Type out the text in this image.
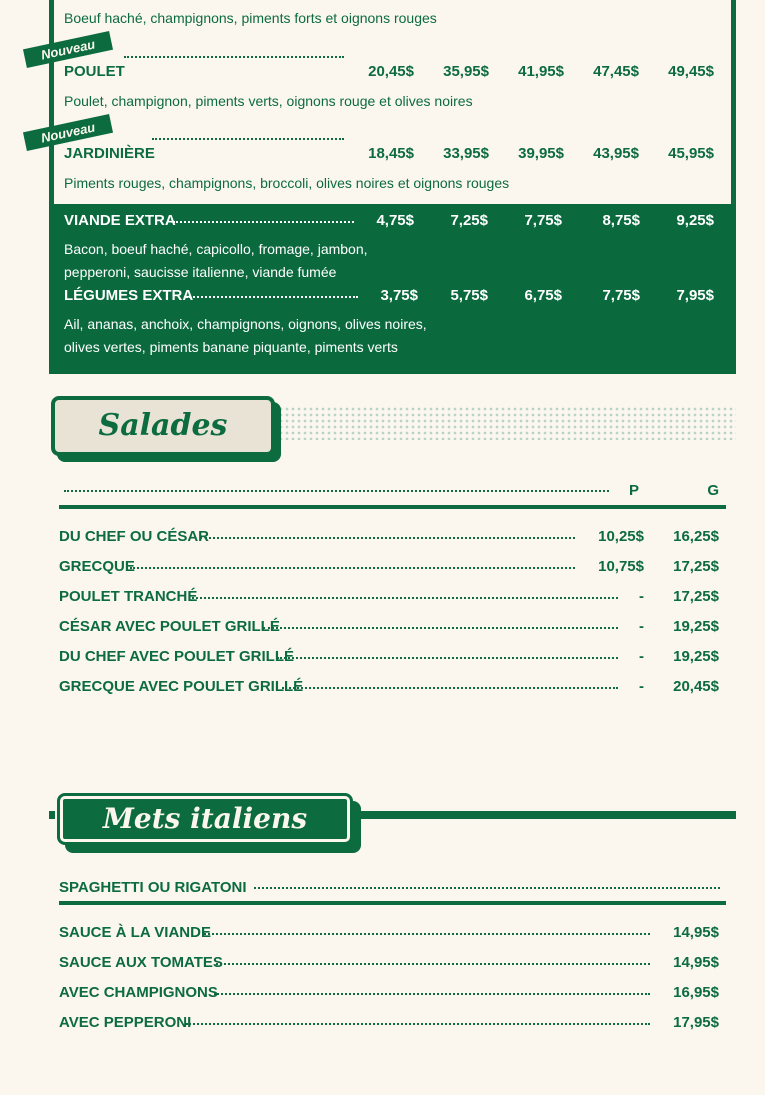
Boeuf haché, champignons, piments forts et oignons rouges
Nouveau
POULET	20,45$	35,95$	41,95$	47,45$	49,45$
Poulet, champignon, piments verts, oignons rouge et olives noires
Nouveau
JARDINIÈRE	18,45$	33,95$	39,95$	43,95$	45,95$
Piments rouges, champignons, broccoli, olives noires et oignons rouges
VIANDE EXTRA	4,75$	7,25$	7,75$	8,75$	9,25$
Bacon, boeuf haché, capicollo, fromage, jambon,
pepperoni, saucisse italienne, viande fumée
LÉGUMES EXTRA	3,75$	5,75$	6,75$	7,75$	7,95$
Ail, ananas, anchoix, champignons, oignons, olives noires,
olives vertes, piments banane piquante, piments verts
Salades
P	G
DU CHEF OU CÉSAR	10,25$	16,25$
GRECQUE	10,75$	17,25$
POULET TRANCHÉ	-	17,25$
CÉSAR AVEC POULET GRILLÉ	-	19,25$
DU CHEF AVEC POULET GRILLÉ	-	19,25$
GRECQUE AVEC POULET GRILLÉ	-	20,45$
Mets italiens
SPAGHETTI OU RIGATONI
SAUCE À LA VIANDE	14,95$
SAUCE AUX TOMATES	14,95$
AVEC CHAMPIGNONS	16,95$
AVEC PEPPERONI	17,95$
